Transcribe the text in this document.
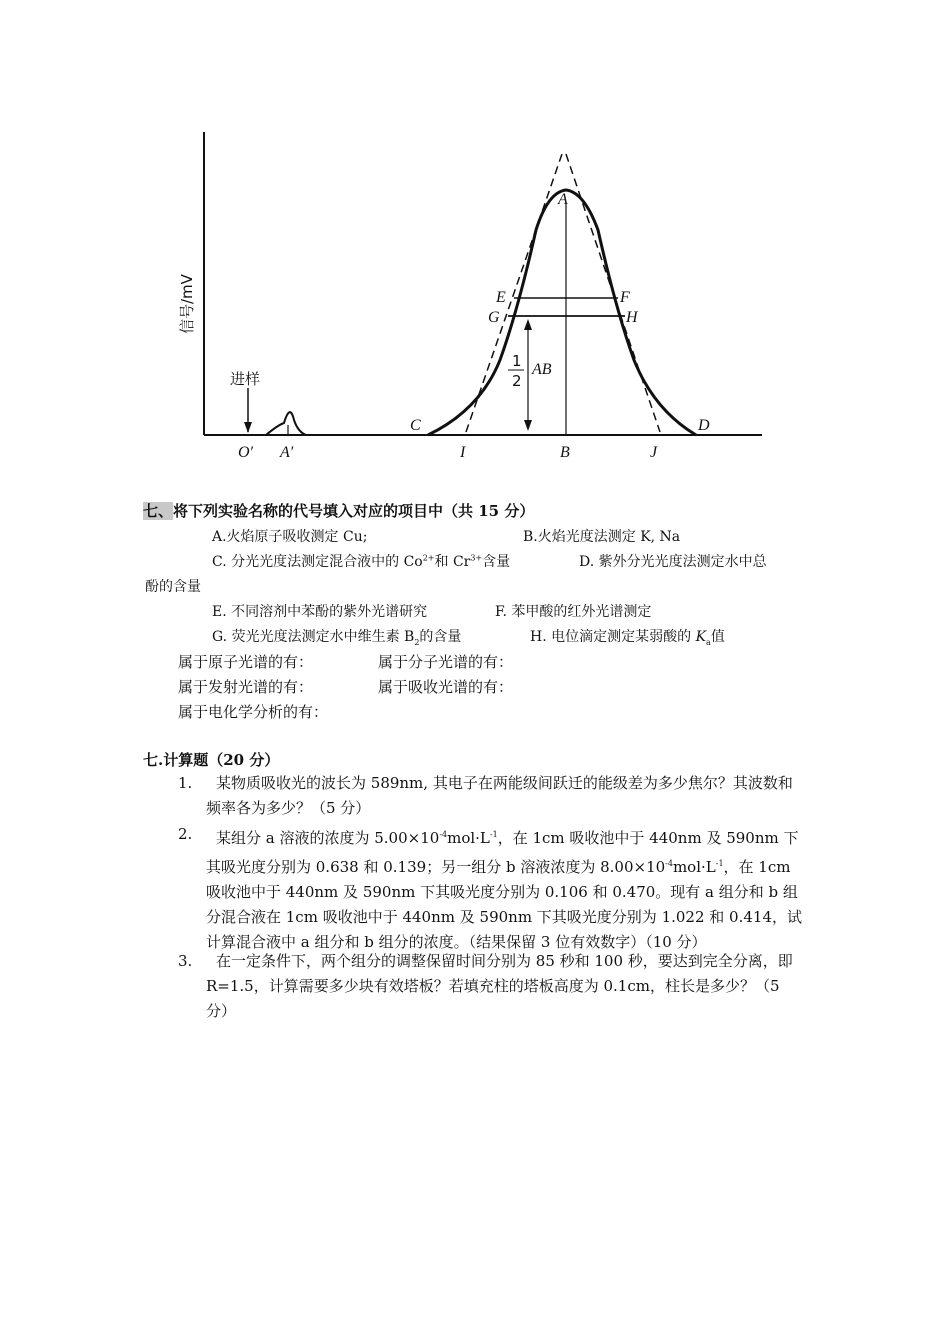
信号/mV
进样
O′ A′
A
B
C	D
E	F
G	H
I	J
1
2
AB
七、将下列实验名称的代号填入对应的项目中（共 15 分）
A.火焰原子吸收测定 Cu;	B.火焰光度法测定 K, Na
C. 分光光度法测定混合液中的 $Co^{2+}$和 $Cr^{3+}$含量	D. 紫外分光光度法测定水中总
酚的含量
E. 不同溶剂中苯酚的紫外光谱研究	F. 苯甲酸的红外光谱测定
G. 荧光光度法测定水中维生素 $B_2$的含量	H. 电位滴定测定某弱酸的 $K_a$值
属于原子光谱的有：	属于分子光谱的有：
属于发射光谱的有：	属于吸收光谱的有：
属于电化学分析的有：
七.计算题（20 分）
1.	某物质吸收光的波长为 589nm, 其电子在两能级间跃迁的能级差为多少焦尔？其波数和频率各为多少？（5 分）
2.	某组分 a 溶液的浓度为 $5.00\times 10^{-4}mol\cdot L^{-1}$，在 1cm 吸收池中于 440nm 及 590nm 下其吸光度分别为 0.638 和 0.139；另一组分 b 溶液浓度为 $8.00\times 10^{-4}mol\cdot L^{-1}$，在 1cm 吸收池中于 440nm 及 590nm 下其吸光度分别为 0.106 和 0.470。现有 a 组分和 b 组分混合液在 1cm 吸收池中于 440nm 及 590nm 下其吸光度分别为 1.022 和 0.414，试计算混合液中 a 组分和 b 组分的浓度。（结果保留 3 位有效数字）（10 分）
3.	在一定条件下，两个组分的调整保留时间分别为 85 秒和 100 秒，要达到完全分离，即 R=1.5，计算需要多少块有效塔板？若填充柱的塔板高度为 0.1cm，柱长是多少？（5 分）
